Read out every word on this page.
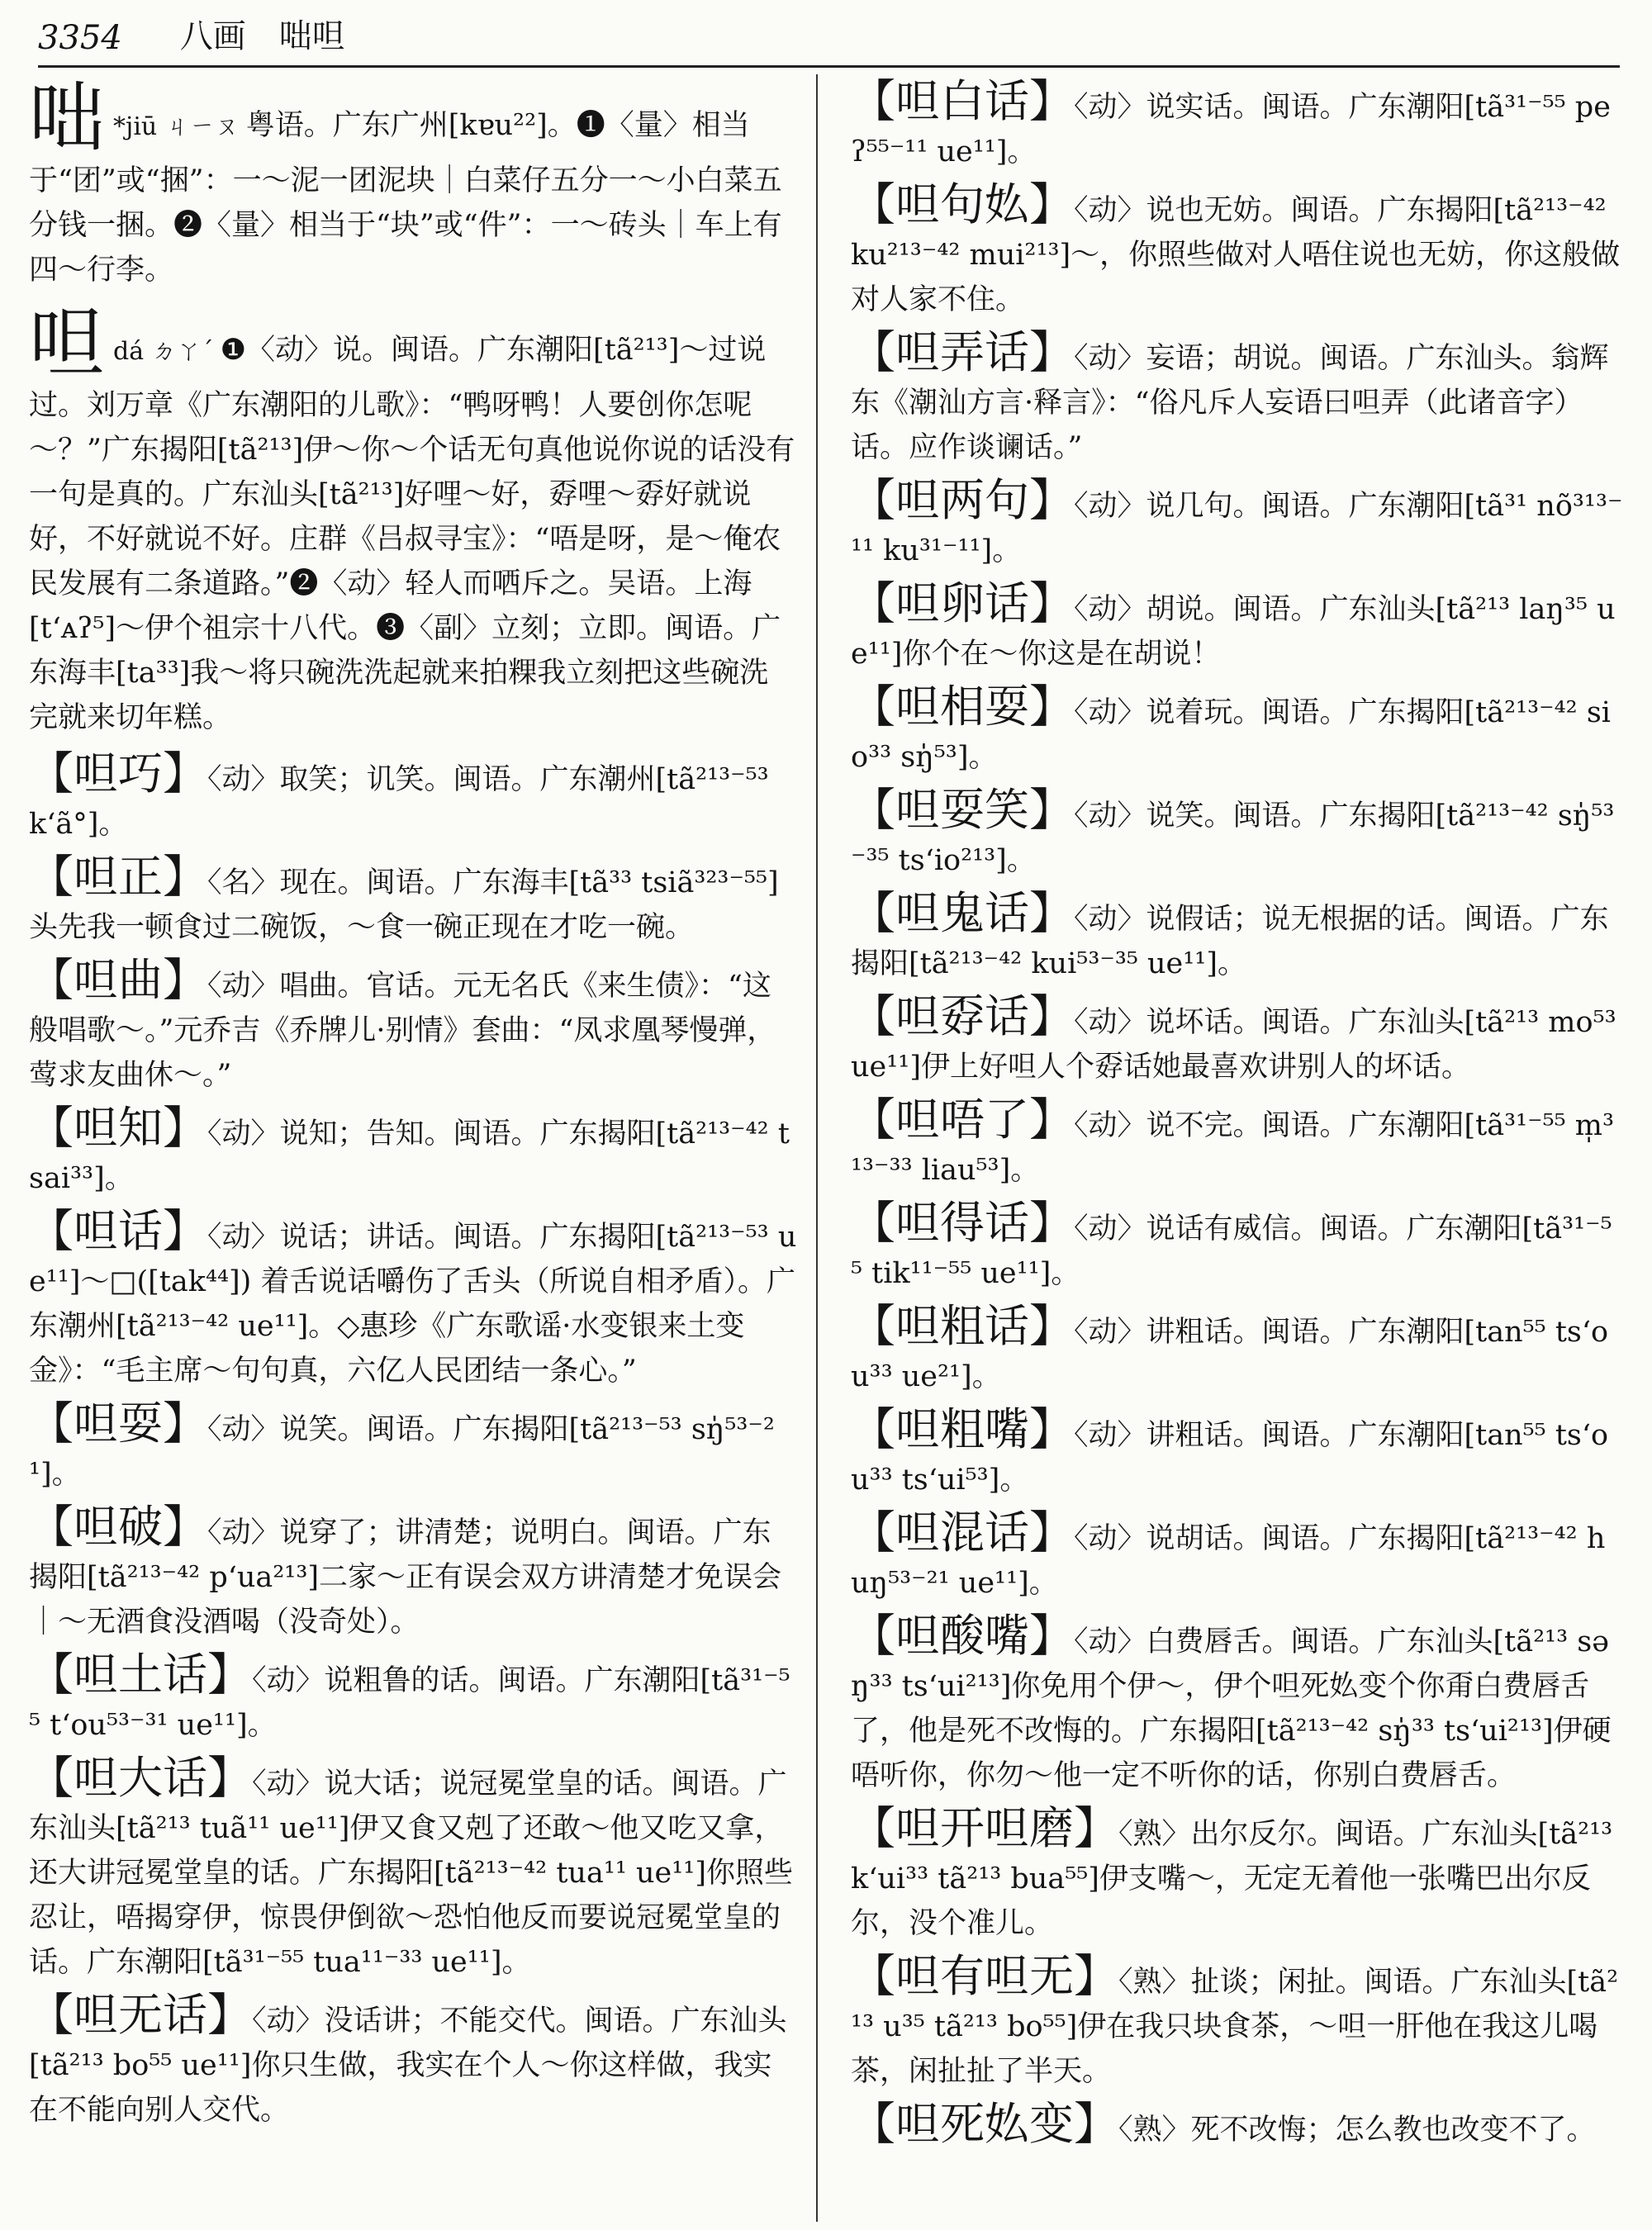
3354 八画 咄呾
咄 *jiū ㄐㄧㄡ 粤语。广东广州[kɐu²²]。❶〈量〉相当于“团”或“捆”：一～泥一团泥块｜白菜仔五分一～小白菜五分钱一捆。❷〈量〉相当于“块”或“件”：一～砖头｜车上有四～行李。
呾dá ㄉㄚˊ ❶〈动〉说。闽语。广东潮阳[tã²¹³]～过说过。刘万章《广东潮阳的儿歌》：“鸭呀鸭！人要创你怎呢～？”广东揭阳[tã²¹³]伊～你～个话无句真他说你说的话没有一句是真的。广东汕头[tã²¹³]好哩～好，孬哩～孬好就说好，不好就说不好。庄群《吕叔寻宝》：“唔是呀，是～俺农民发展有二条道路。”❷〈动〉轻人而哂斥之。吴语。上海[t‘ᴀʔ⁵]～伊个祖宗十八代。❸〈副〉立刻；立即。闽语。广东海丰[ta³³]我～将只碗洗洗起就来拍粿我立刻把这些碗洗完就来切年糕。
【呾巧】〈动〉取笑；讥笑。闽语。广东潮州[tã²¹³⁻⁵³ k‘ã°]。
【呾正】〈名〉现在。闽语。广东海丰[tã³³ tsiã³²³⁻⁵⁵]头先我一顿食过二碗饭，～食一碗正现在才吃一碗。
【呾曲】〈动〉唱曲。官话。元无名氏《来生债》：“这般唱歌～。”元乔吉《乔牌儿·别情》套曲：“凤求凰琴慢弹，莺求友曲休～。”
【呾知】〈动〉说知；告知。闽语。广东揭阳[tã²¹³⁻⁴² tsai³³]。
【呾话】〈动〉说话；讲话。闽语。广东揭阳[tã²¹³⁻⁵³ ue¹¹]～□([tak⁴⁴]) 着舌说话嚼伤了舌头（所说自相矛盾）。广东潮州[tã²¹³⁻⁴² ue¹¹]。◇惠珍《广东歌谣·水变银来土变金》：“毛主席～句句真，六亿人民团结一条心。”
【呾耍】〈动〉说笑。闽语。广东揭阳[tã²¹³⁻⁵³ sŋ̍⁵³⁻²¹]。
【呾破】〈动〉说穿了；讲清楚；说明白。闽语。广东揭阳[tã²¹³⁻⁴² p‘ua²¹³]二家～正有误会双方讲清楚才免误会｜～无酒食没酒喝（没奇处）。
【呾土话】〈动〉说粗鲁的话。闽语。广东潮阳[tã³¹⁻⁵⁵ t‘ou⁵³⁻³¹ ue¹¹]。
【呾大话】〈动〉说大话；说冠冕堂皇的话。闽语。广东汕头[tã²¹³ tuã¹¹ ue¹¹]伊又食又剋了还敢～他又吃又拿，还大讲冠冕堂皇的话。广东揭阳[tã²¹³⁻⁴² tua¹¹ ue¹¹]你照些忍让，唔揭穿伊，惊畏伊倒欲～恐怕他反而要说冠冕堂皇的话。广东潮阳[tã³¹⁻⁵⁵ tua¹¹⁻³³ ue¹¹]。
【呾无话】〈动〉没话讲；不能交代。闽语。广东汕头[tã²¹³ bo⁵⁵ ue¹¹]你只生做，我实在个人～你这样做，我实在不能向别人交代。
【呾白话】〈动〉说实话。闽语。广东潮阳[tã³¹⁻⁵⁵ peʔ⁵⁵⁻¹¹ ue¹¹]。
【呾句𡚸】〈动〉说也无妨。闽语。广东揭阳[tã²¹³⁻⁴² ku²¹³⁻⁴² mui²¹³]～，你照些做对人唔住说也无妨，你这般做对人家不住。
【呾弄话】〈动〉妄语；胡说。闽语。广东汕头。翁辉东《潮汕方言·释言》：“俗凡斥人妄语曰呾弄（此诸音字）话。应作谈谰话。”
【呾两句】〈动〉说几句。闽语。广东潮阳[tã³¹ nõ³¹³⁻¹¹ ku³¹⁻¹¹]。
【呾卵话】〈动〉胡说。闽语。广东汕头[tã²¹³ laŋ³⁵ ue¹¹]你个在～你这是在胡说！
【呾相耍】〈动〉说着玩。闽语。广东揭阳[tã²¹³⁻⁴² sio³³ sŋ̍⁵³]。
【呾耍笑】〈动〉说笑。闽语。广东揭阳[tã²¹³⁻⁴² sŋ̍⁵³⁻³⁵ ts‘io²¹³]。
【呾鬼话】〈动〉说假话；说无根据的话。闽语。广东揭阳[tã²¹³⁻⁴² kui⁵³⁻³⁵ ue¹¹]。
【呾孬话】〈动〉说坏话。闽语。广东汕头[tã²¹³ mo⁵³ ue¹¹]伊上好呾人个孬话她最喜欢讲别人的坏话。
【呾唔了】〈动〉说不完。闽语。广东潮阳[tã³¹⁻⁵⁵ m̩³¹³⁻³³ liau⁵³]。
【呾得话】〈动〉说话有威信。闽语。广东潮阳[tã³¹⁻⁵⁵ tik¹¹⁻⁵⁵ ue¹¹]。
【呾粗话】〈动〉讲粗话。闽语。广东潮阳[tan⁵⁵ ts‘ou³³ ue²¹]。
【呾粗嘴】〈动〉讲粗话。闽语。广东潮阳[tan⁵⁵ ts‘ou³³ ts‘ui⁵³]。
【呾混话】〈动〉说胡话。闽语。广东揭阳[tã²¹³⁻⁴² huŋ⁵³⁻²¹ ue¹¹]。
【呾酸嘴】〈动〉白费唇舌。闽语。广东汕头[tã²¹³ səŋ³³ ts‘ui²¹³]你免用个伊～，伊个呾死𡚸变个你甭白费唇舌了，他是死不改悔的。广东揭阳[tã²¹³⁻⁴² sŋ̍³³ ts‘ui²¹³]伊硬唔听你，你勿～他一定不听你的话，你别白费唇舌。
【呾开呾磨】〈熟〉出尔反尔。闽语。广东汕头[tã²¹³ k‘ui³³ tã²¹³ bua⁵⁵]伊支嘴～，无定无着他一张嘴巴出尔反尔，没个准儿。
【呾有呾无】〈熟〉扯谈；闲扯。闽语。广东汕头[tã²¹³ u³⁵ tã²¹³ bo⁵⁵]伊在我只块食茶，～呾一肝他在我这儿喝茶，闲扯扯了半天。
【呾死𡚸变】〈熟〉死不改悔；怎么教也改变不了。
